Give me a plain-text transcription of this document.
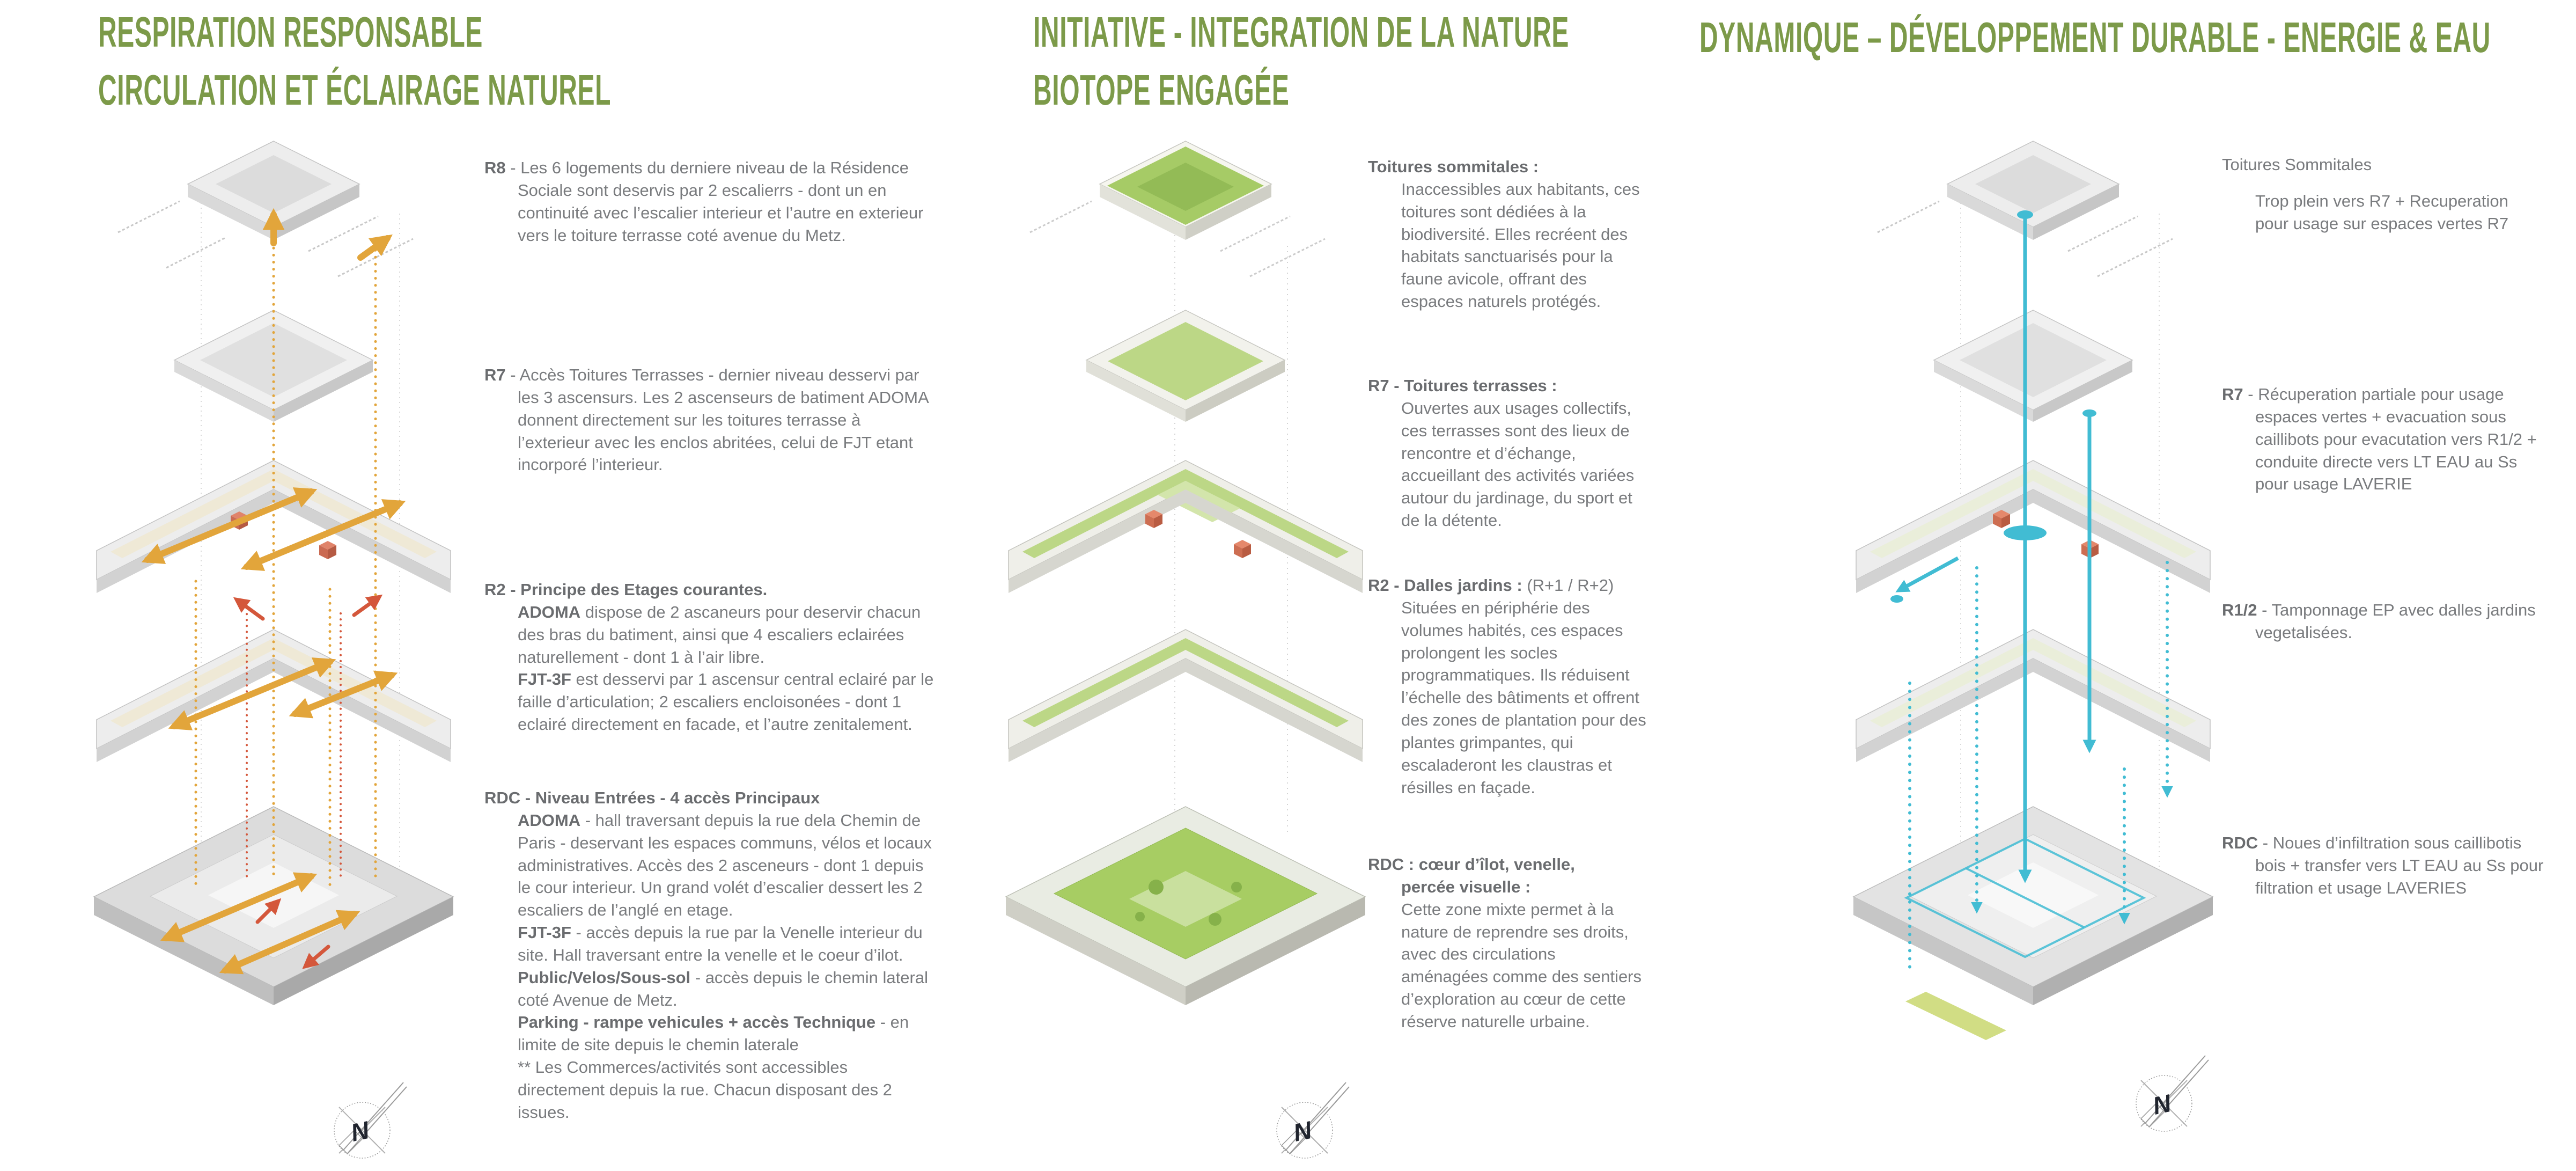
RESPIRATION RESPONSABLE
CIRCULATION ET ÉCLAIRAGE NATUREL
N
R8 - Les 6 logements du derniere niveau de la Résidence Sociale sont deservis par 2 escalierrs - dont un en continuité avec l’escalier interieur et l’autre en exterieur vers le toiture terrasse coté avenue du Metz.
R7 - Accès Toitures Terrasses - dernier niveau desservi par les 3 ascensurs. Les 2 ascenseurs de batiment ADOMA donnent directement sur les toitures terrasse à l’exterieur avec les enclos abritées, celui de FJT etant incorporé l’interieur.
R2 - Principe des Etages courantes.
ADOMA dispose de 2 ascaneurs pour deservir chacun des bras du batiment, ainsi que 4 escaliers eclairées naturellement - dont 1 à l’air libre.
FJT-3F est desservi par 1 ascensur central eclairé par le faille d’articulation; 2 escaliers encloisonées - dont 1 eclairé directement en facade, et l’autre zenitalement.
RDC - Niveau Entrées - 4 accès Principaux
ADOMA - hall traversant depuis la rue dela Chemin de Paris - deservant les espaces communs, vélos et locaux administratives. Accès des 2 asceneurs - dont 1 depuis le cour interieur. Un grand volét d’escalier dessert les 2 escaliers de l’anglé en etage.
FJT-3F - accès depuis la rue par la Venelle interieur du site. Hall traversant entre la venelle et le coeur d’ilot.
Public/Velos/Sous-sol - accès depuis le chemin lateral coté Avenue de Metz.
Parking - rampe vehicules + accès Technique - en limite de site depuis le chemin laterale
** Les Commerces/activités sont accessibles directement depuis la rue. Chacun disposant des 2 issues.
INITIATIVE - INTEGRATION DE LA NATURE
BIOTOPE ENGAGÉE
N
Toitures sommitales :
Inaccessibles aux habitants, ces toitures sont dédiées à la biodiversité. Elles recréent des habitats sanctuarisés pour la faune avicole, offrant des espaces naturels protégés.
R7 - Toitures terrasses :
Ouvertes aux usages collectifs, ces terrasses sont des lieux de rencontre et d’échange, accueillant des activités variées autour du jardinage, du sport et de la détente.
R2 - Dalles jardins : (R+1 / R+2)
Situées en périphérie des volumes habités, ces espaces prolongent les socles programmatiques. Ils réduisent l’échelle des bâtiments et offrent des zones de plantation pour des plantes grimpantes, qui escaladeront les claustras et résilles en façade.
RDC : cœur d’îlot, venelle,
percée visuelle :
Cette zone mixte permet à la nature de reprendre ses droits, avec des circulations aménagées comme des sentiers d’exploration au cœur de cette réserve naturelle urbaine.
DYNAMIQUE – DÉVELOPPEMENT DURABLE - ENERGIE & EAU
N
Toitures Sommitales
Trop plein vers R7 + Recuperation pour usage sur espaces vertes R7
R7 - Récuperation partiale pour usage espaces vertes + evacuation sous caillibots pour evacutation vers R1/2 + conduite directe vers LT EAU au Ss pour usage LAVERIE
R1/2 - Tamponnage EP avec dalles jardins vegetalisées.
RDC - Noues d’infiltration sous caillibotis bois + transfer vers LT EAU au Ss pour filtration et usage LAVERIES
